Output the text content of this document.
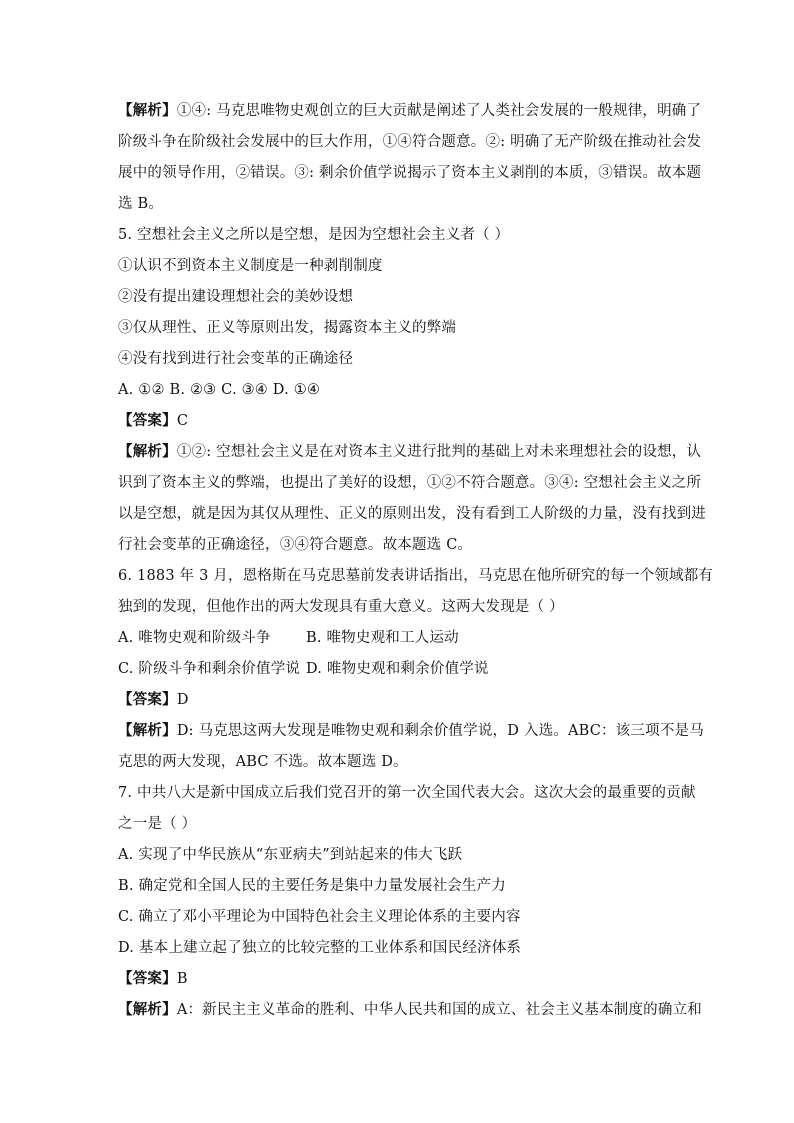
【解析】①④: 马克思唯物史观创立的巨大贡献是阐述了人类社会发展的一般规律，明确了
阶级斗争在阶级社会发展中的巨大作用，①④符合题意。②: 明确了无产阶级在推动社会发
展中的领导作用，②错误。③: 剩余价值学说揭示了资本主义剥削的本质，③错误。故本题
选 B。
5. 空想社会主义之所以是空想，是因为空想社会主义者（ ）
①认识不到资本主义制度是一种剥削制度
②没有提出建设理想社会的美妙设想
③仅从理性、正义等原则出发，揭露资本主义的弊端
④没有找到进行社会变革的正确途径
A. ①② B. ②③ C. ③④ D. ①④
【答案】C
【解析】①②: 空想社会主义是在对资本主义进行批判的基础上对未来理想社会的设想，认
识到了资本主义的弊端，也提出了美好的设想，①②不符合题意。③④: 空想社会主义之所
以是空想，就是因为其仅从理性、正义的原则出发，没有看到工人阶级的力量，没有找到进
行社会变革的正确途径，③④符合题意。故本题选 C。
6. 1883 年 3 月，恩格斯在马克思墓前发表讲话指出，马克思在他所研究的每一个领域都有
独到的发现，但他作出的两大发现具有重大意义。这两大发现是（ ）
A. 唯物史观和阶级斗争 B. 唯物史观和工人运动
C. 阶级斗争和剩余价值学说 D. 唯物史观和剩余价值学说
【答案】D
【解析】D: 马克思这两大发现是唯物史观和剩余价值学说，D 入选。ABC：该三项不是马
克思的两大发现，ABC 不选。故本题选 D。
7. 中共八大是新中国成立后我们党召开的第一次全国代表大会。这次大会的最重要的贡献
之一是（ ）
A. 实现了中华民族从“东亚病夫”到站起来的伟大飞跃
B. 确定党和全国人民的主要任务是集中力量发展社会生产力
C. 确立了邓小平理论为中国特色社会主义理论体系的主要内容
D. 基本上建立起了独立的比较完整的工业体系和国民经济体系
【答案】B
【解析】A：新民主主义革命的胜利、中华人民共和国的成立、社会主义基本制度的确立和
